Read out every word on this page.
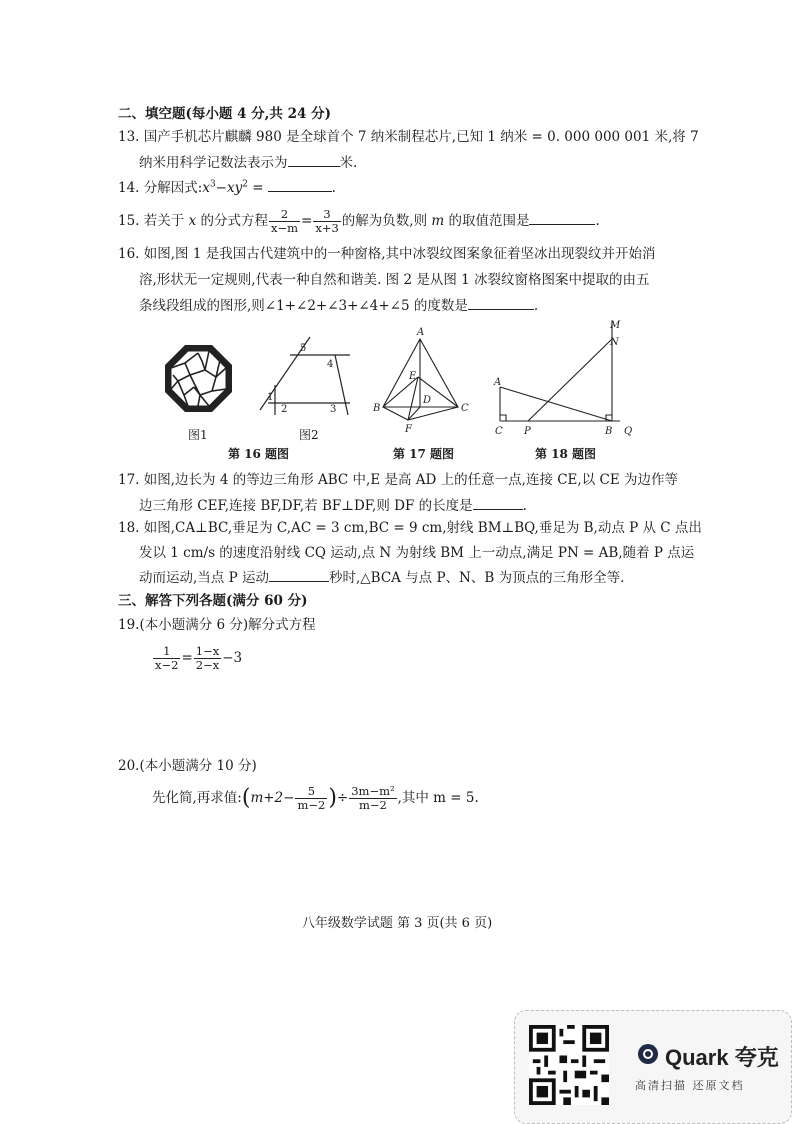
二、填空题(每小题 4 分,共 24 分)
13. 国产手机芯片麒麟 980 是全球首个 7 纳米制程芯片,已知 1 纳米 = 0. 000 000 001 米,将 7
纳米用科学记数法表示为	米.
14. 分解因式$:x^3-xy^2$ =	.
15. 若关于 x 的分式方程 $\frac{2}{x-m} = \frac{3}{x+3}$ 的解为负数,则 m 的取值范围是	.
16. 如图,图 1 是我国古代建筑中的一种窗格,其中冰裂纹图案象征着坚冰出现裂纹并开始消
溶,形状无一定规则,代表一种自然和谐美. 图 2 是从图 1 冰裂纹窗格图案中提取的由五
条线段组成的图形,则∠1+∠2+∠3+∠4+∠5 的度数是	.
1
2	3
4
5
A
E
D
B	C
F
M
N
A
C P	B Q
图1	图2
第 16 题图	第 17 题图	第 18 题图
17. 如图,边长为 4 的等边三角形 ABC 中,E 是高 AD 上的任意一点,连接 CE,以 CE 为边作等
边三角形 CEF,连接 BF,DF,若 BF⊥DF,则 DF 的长度是	.
18. 如图,CA⊥BC,垂足为 C,AC = 3 cm,BC = 9 cm,射线 BM⊥BQ,垂足为 B,动点 P 从 C 点出
发以 1 cm/s 的速度沿射线 CQ 运动,点 N 为射线 BM 上一动点,满足 PN = AB,随着 P 点运
动而运动,当点 P 运动	秒时,△BCA 与点 P、N、B 为顶点的三角形全等.
三、解答下列各题(满分 60 分)
19.(本小题满分 6 分)解分式方程
$\frac{1}{x-2} = \frac{1-x}{2-x} -3$
20.(本小题满分 10 分)
先化简,再求值:(m+2− $\frac{5}{m-2}$ )÷ $\frac{\text{3m−m²}}{m-2}$ ,其中 m = 5.
八年级数学试题 第 3 页(共 6 页)
Quark 夸克
高清扫描 还原文档
